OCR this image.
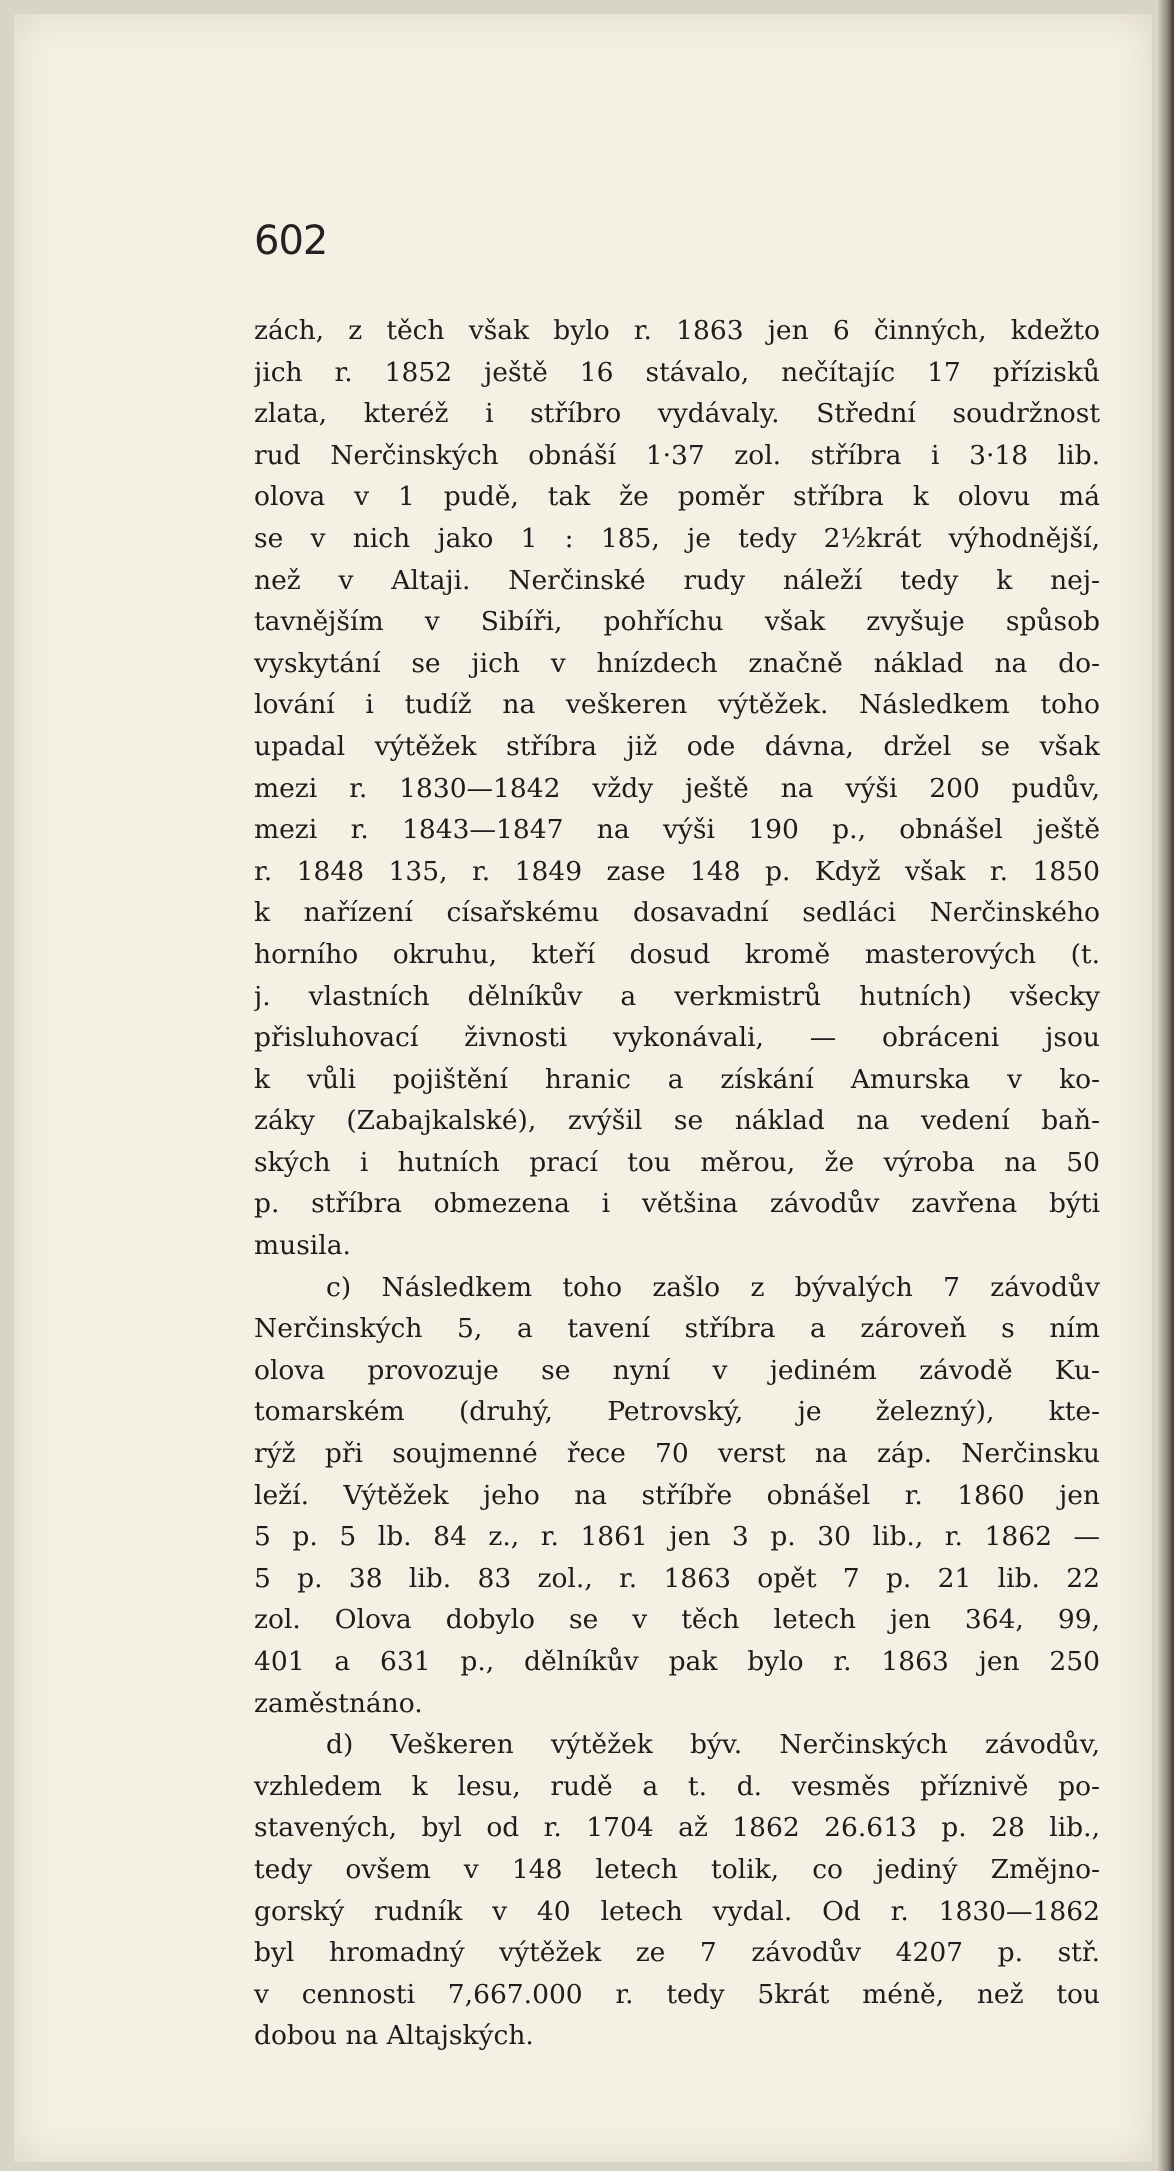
602

zách, z těch však bylo r. 1863 jen 6 činných, kdežto
jich r. 1852 ještě 16 stávalo, nečítajíc 17 přízisků
zlata, kteréž i stříbro vydávaly. Střední soudržnost
rud Nerčinských obnáší 1·37 zol. stříbra i 3·18 lib.
olova v 1 pudě, tak že poměr stříbra k olovu má
se v nich jako 1 : 185, je tedy 2½krát výhodnější,
než v Altaji. Nerčinské rudy náleží tedy k nej-
tavnějším v Sibíři, pohříchu však zvyšuje spůsob
vyskytání se jich v hnízdech značně náklad na do-
lování i tudíž na veškeren výtěžek. Následkem toho
upadal výtěžek stříbra již ode dávna, držel se však
mezi r. 1830—1842 vždy ještě na výši 200 pudův,
mezi r. 1843—1847 na výši 190 p., obnášel ještě
r. 1848 135, r. 1849 zase 148 p. Když však r. 1850
k nařízení císařskému dosavadní sedláci Nerčinského
horního okruhu, kteří dosud kromě masterových (t.
j. vlastních dělníkův a verkmistrů hutních) všecky
přisluhovací živnosti vykonávali, — obráceni jsou
k vůli pojištění hranic a získání Amurska v ko-
záky (Zabajkalské), zvýšil se náklad na vedení baň-
ských i hutních prací tou měrou, že výroba na 50
p. stříbra obmezena i většina závodův zavřena býti
musila.

c) Následkem toho zašlo z bývalých 7 závodův
Nerčinských 5, a tavení stříbra a zároveň s ním
olova provozuje se nyní v jediném závodě Ku-
tomarském (druhý, Petrovský, je železný), kte-
rýž při soujmenné řece 70 verst na záp. Nerčinsku
leží. Výtěžek jeho na stříbře obnášel r. 1860 jen
5 p. 5 lb. 84 z., r. 1861 jen 3 p. 30 lib., r. 1862 —
5 p. 38 lib. 83 zol., r. 1863 opět 7 p. 21 lib. 22
zol. Olova dobylo se v těch letech jen 364, 99,
401 a 631 p., dělníkův pak bylo r. 1863 jen 250
zaměstnáno.

d) Veškeren výtěžek býv. Nerčinských závodův,
vzhledem k lesu, rudě a t. d. vesměs příznivě po-
stavených, byl od r. 1704 až 1862 26.613 p. 28 lib.,
tedy ovšem v 148 letech tolik, co jediný Změjno-
gorský rudník v 40 letech vydal. Od r. 1830—1862
byl hromadný výtěžek ze 7 závodův 4207 p. stř.
v cennosti 7,667.000 r. tedy 5krát méně, než tou
dobou na Altajských.
